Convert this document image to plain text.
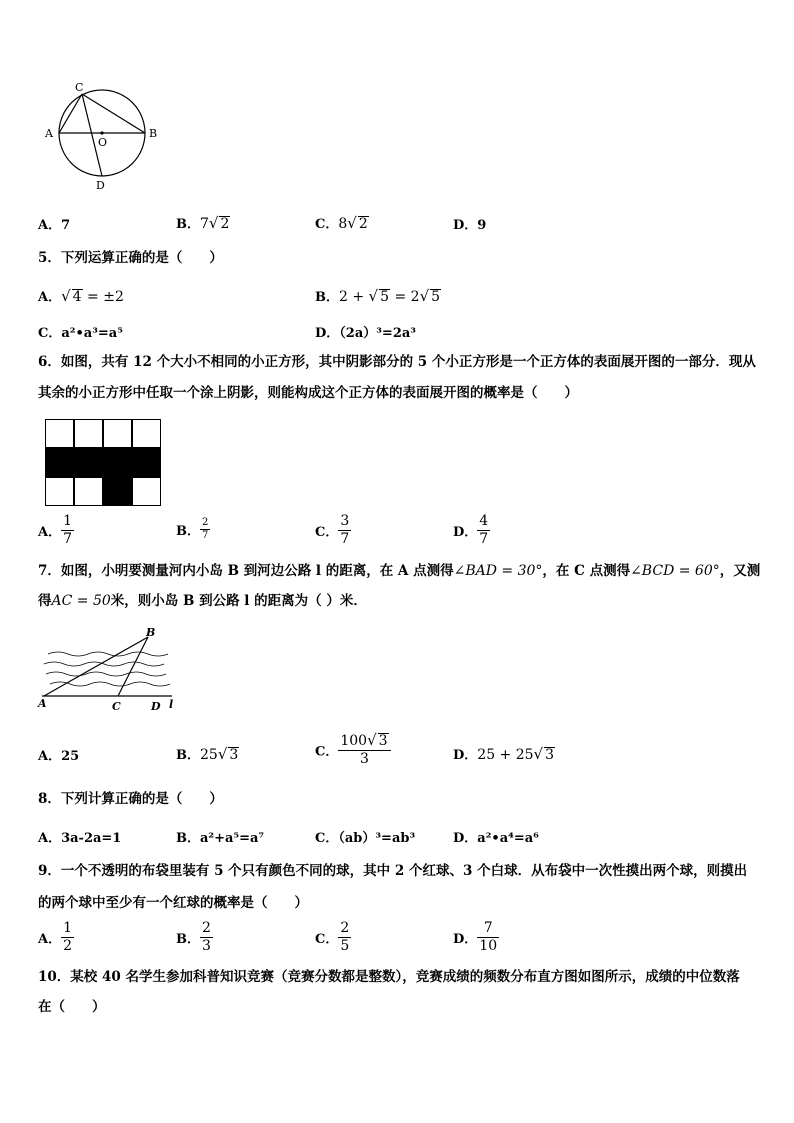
A	B
C
D
O
A．7	B．7√ 2	C．8√ 2	D．9
5．下列运算正确的是（　　）
A．√ 4 = ±2	B．2 + √ 5 = 2√ 5
C．a²•a³=a⁵	D．（2a）³=2a³
6．如图，共有 12 个大小不相同的小正方形，其中阴影部分的 5 个小正方形是一个正方体的表面展开图的一部分．现从
其余的小正方形中任取一个涂上阴影，则能构成这个正方体的表面展开图的概率是（　　）
A． $\frac{1}{7}$	B． $\frac{2}{7}$	C． $\frac{3}{7}$	D． $\frac{4}{7}$
7．如图，小明要测量河内小岛 B 到河边公路 l 的距离，在 A 点测得∠BAD = 30°，在 C 点测得∠BCD = 60°，又测
得AC = 50米，则小岛 B 到公路 l 的距离为（ ）米．
B
A	C	D l
A．25	B．25√ 3	C． $\frac{100√ 3}{3}$	D．25 + 25√ 3
8．下列计算正确的是（　　）
A．3a-2a=1	B．a²+a⁵=a⁷	C．（ab）³=ab³	D．a²•a⁴=a⁶
9．一个不透明的布袋里装有 5 个只有颜色不同的球，其中 2 个红球、3 个白球．从布袋中一次性摸出两个球，则摸出
的两个球中至少有一个红球的概率是（　　）
A． $\frac{1}{2}$	B． $\frac{2}{3}$	C． $\frac{2}{5}$	D． $\frac{7}{10}$
10．某校 40 名学生参加科普知识竞赛（竞赛分数都是整数），竞赛成绩的频数分布直方图如图所示，成绩的中位数落
在（　　）
